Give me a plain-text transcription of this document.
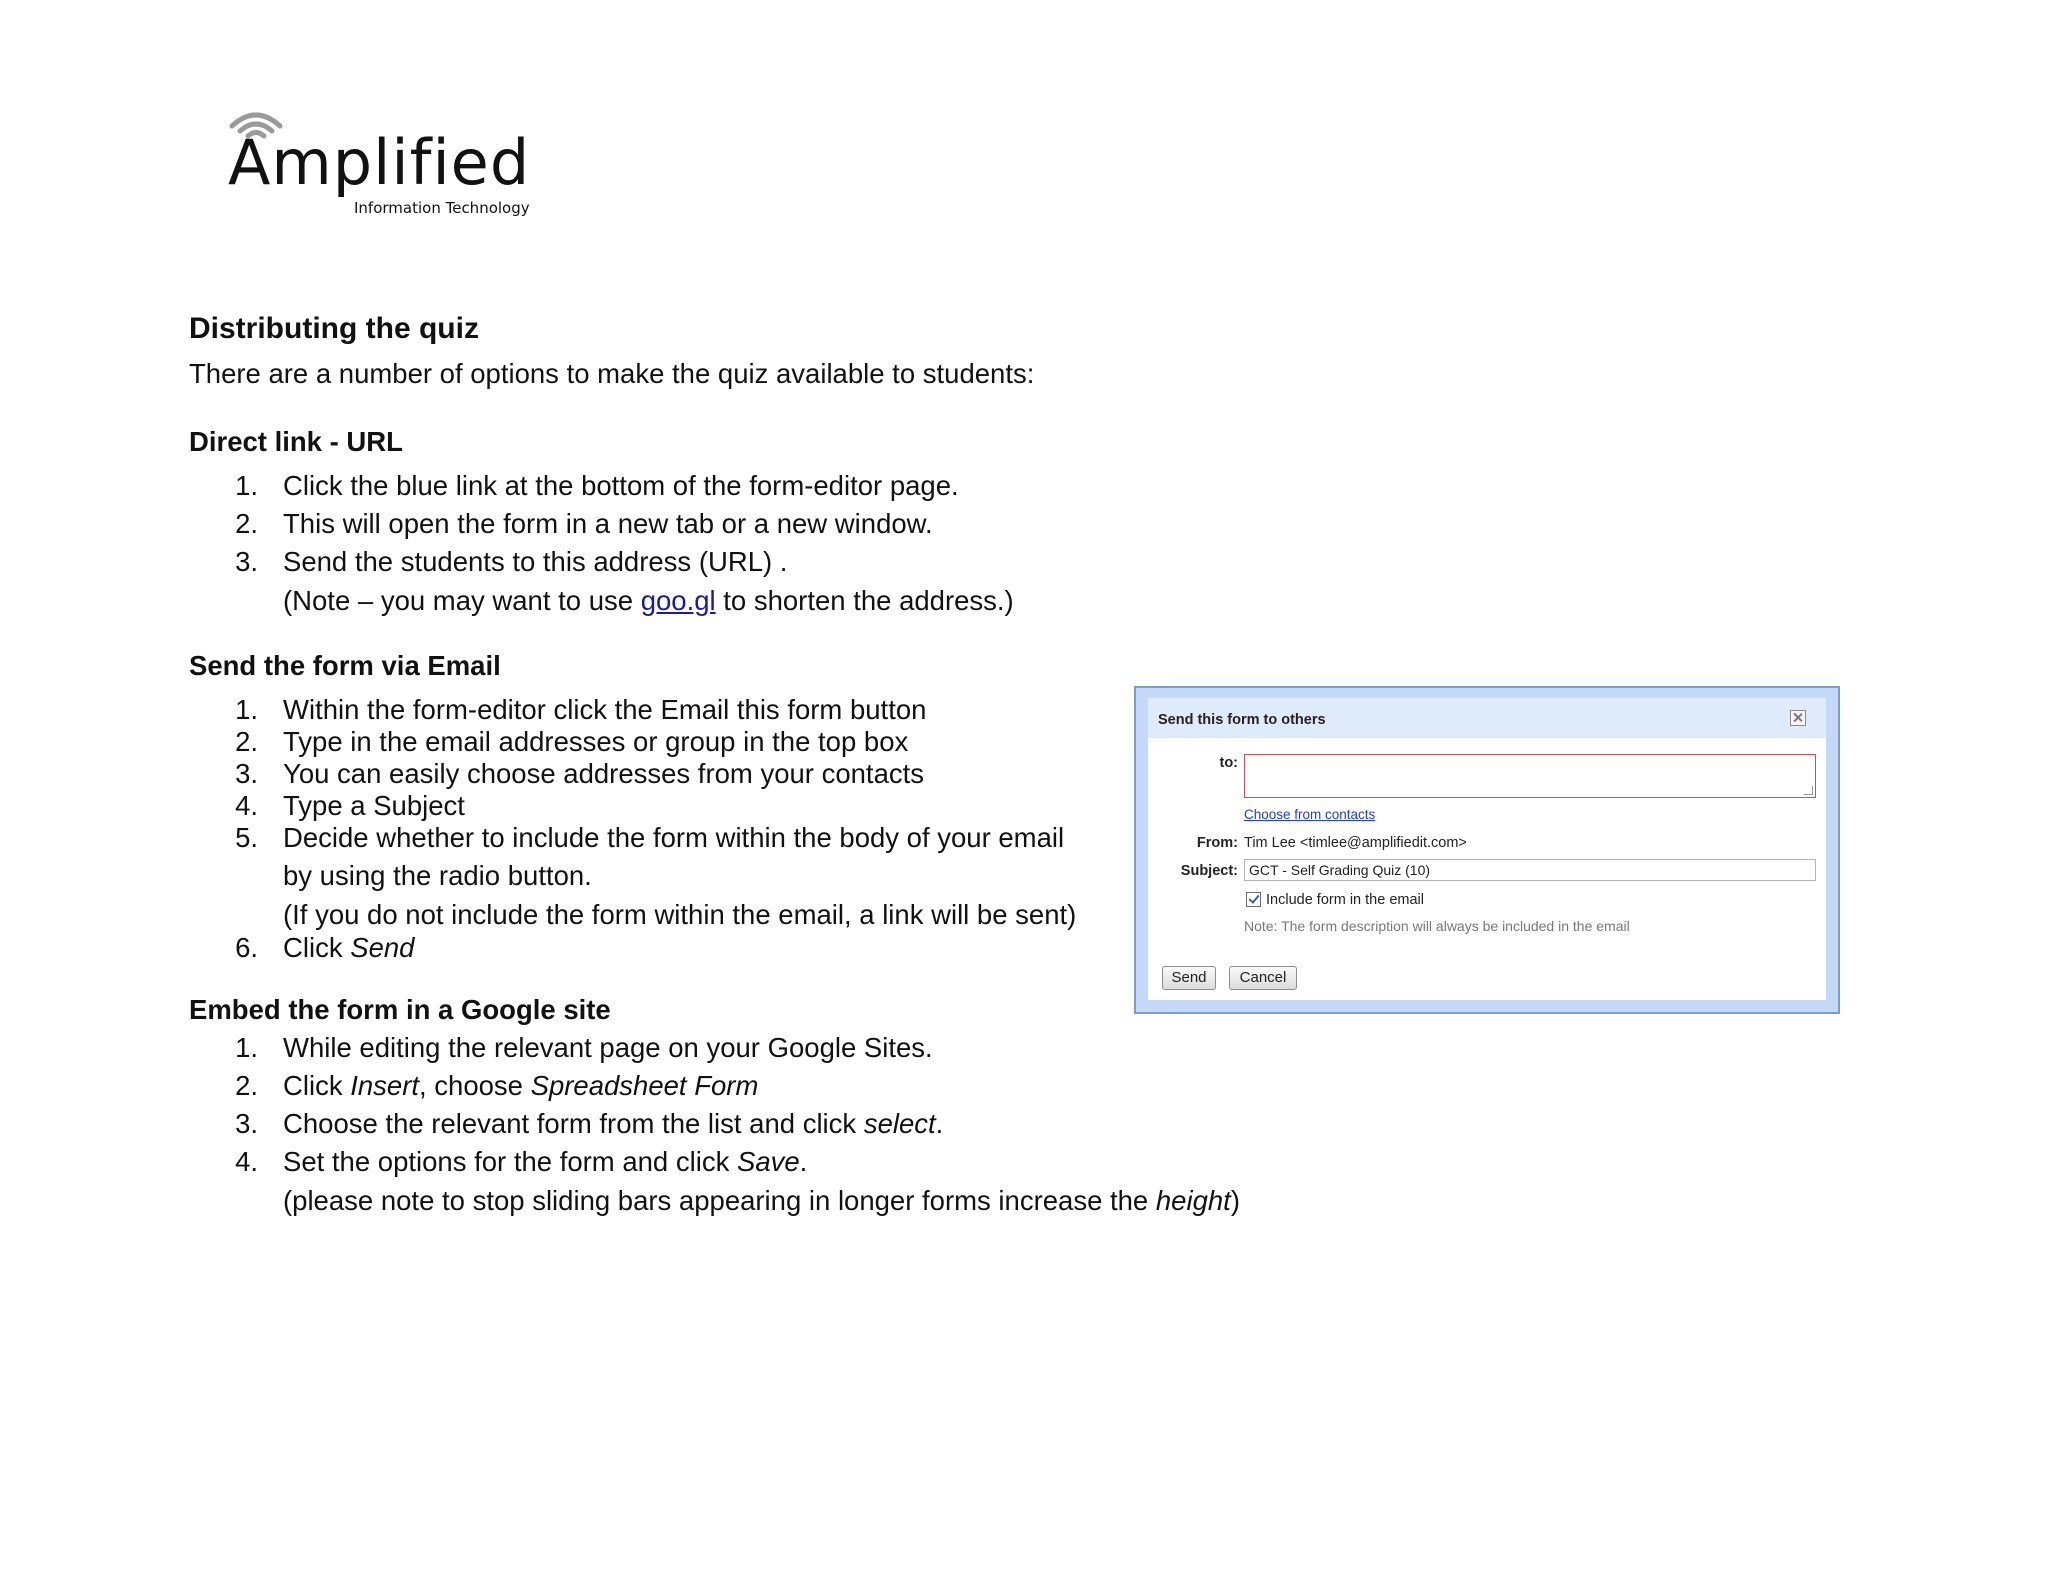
Amplified
Information Technology
Distributing the quiz
There are a number of options to make the quiz available to students:
Direct link - URL
1. Click the blue link at the bottom of the form-editor page.
2. This will open the form in a new tab or a new window.
3. Send the students to this address (URL) .
(Note – you may want to use goo.gl to shorten the address.)
Send the form via Email
1. Within the form-editor click the Email this form button
2. Type in the email addresses or group in the top box
3. You can easily choose addresses from your contacts
4. Type a Subject
5. Decide whether to include the form within the body of your email
by using the radio button.
(If you do not include the form within the email, a link will be sent)
6. Click Send
Embed the form in a Google site
1. While editing the relevant page on your Google Sites.
2. Click Insert, choose Spreadsheet Form
3. Choose the relevant form from the list and click select.
4. Set the options for the form and click Save.
(please note to stop sliding bars appearing in longer forms increase the height)
Send this form to others
to:
Choose from contacts
From: Tim Lee <timlee@amplifiedit.com>
Subject: GCT - Self Grading Quiz (10)
Include form in the email
Note: The form description will always be included in the email
Send	Cancel
